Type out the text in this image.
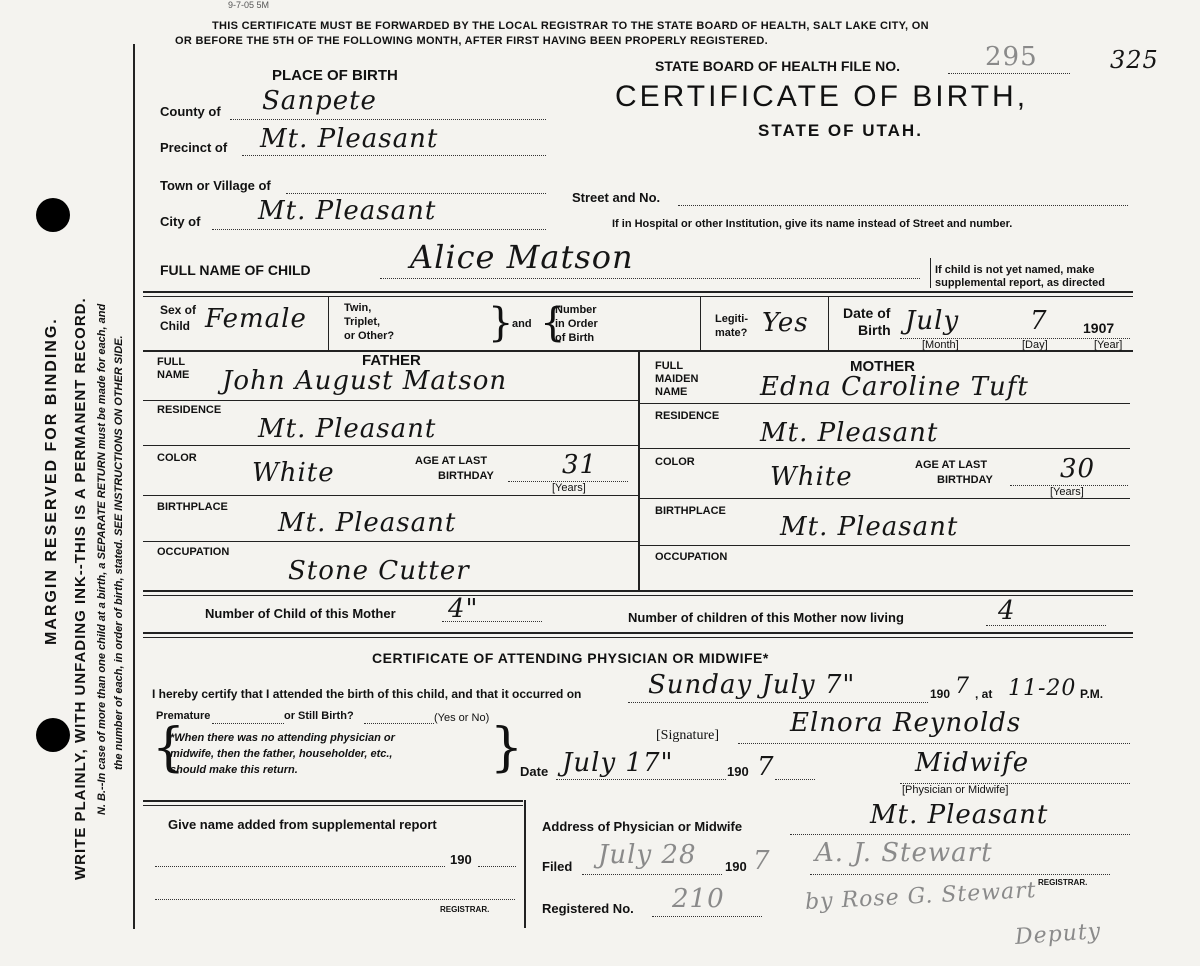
9-7-05 5M
THIS CERTIFICATE MUST BE FORWARDED BY THE LOCAL REGISTRAR TO THE STATE BOARD OF HEALTH, SALT LAKE CITY, ON
OR BEFORE THE 5TH OF THE FOLLOWING MONTH, AFTER FIRST HAVING BEEN PROPERLY REGISTERED.
MARGIN RESERVED FOR BINDING. WRITE PLAINLY, WITH UNFADING INK--THIS IS A PERMANENT RECORD. N. B.--In case of more than one child at a birth, a SEPARATE RETURN must be made for each, and the number of each, in order of birth, stated. SEE INSTRUCTIONS ON OTHER SIDE.
STATE BOARD OF HEALTH FILE NO.	295	325
CERTIFICATE OF BIRTH,
STATE OF UTAH.
PLACE OF BIRTH
County of Sanpete
Precinct of Mt. Pleasant
Town or Village of
City of Mt. Pleasant	Street and No.
If in Hospital or other Institution, give its name instead of Street and number.
FULL NAME OF CHILD	Alice Matson	If child is not yet named, make
supplemental report, as directed
Sex of
Child Female	Twin,
Triplet,
or Other? }
and {
Number
in Order
of Birth
Legiti-
mate? Yes Date of
Birth July	7	1907
[Month]	[Day]	[Year]
FATHER	MOTHER
FULL
NAME John August Matson
RESIDENCE
Mt. Pleasant
COLOR White	AGE AT LAST
BIRTHDAY	31
[Years]
BIRTHPLACE
Mt. Pleasant
OCCUPATION
Stone Cutter
FULL
MAIDEN
NAME	Edna Caroline Tuft
RESIDENCE
Mt. Pleasant
COLOR	White	AGE AT LAST
BIRTHDAY	30
[Years]
BIRTHPLACE
Mt. Pleasant
OCCUPATION
Number of Child of this Mother 4"	Number of children of this Mother now living	4
CERTIFICATE OF ATTENDING PHYSICIAN OR MIDWIFE*
I hereby certify that I attended the birth of this child, and that it occurred on	Sunday July 7"	190 7 , at 11-20 P.M.
Premature	or Still Birth?	(Yes or No)
{
*When there was no attending physician or
midwife, then the father, householder, etc.,
should make this return.	}	[Signature]	Elnora Reynolds
Date July 17"	190 7	Midwife
[Physician or Midwife]
Address of Physician or Midwife	Mt. Pleasant
Give name added from supplemental report
190
REGISTRAR.
Filed July 28 190 7 A. J. Stewart
REGISTRAR.
Registered No. 210	by Rose G. Stewart
Deputy
